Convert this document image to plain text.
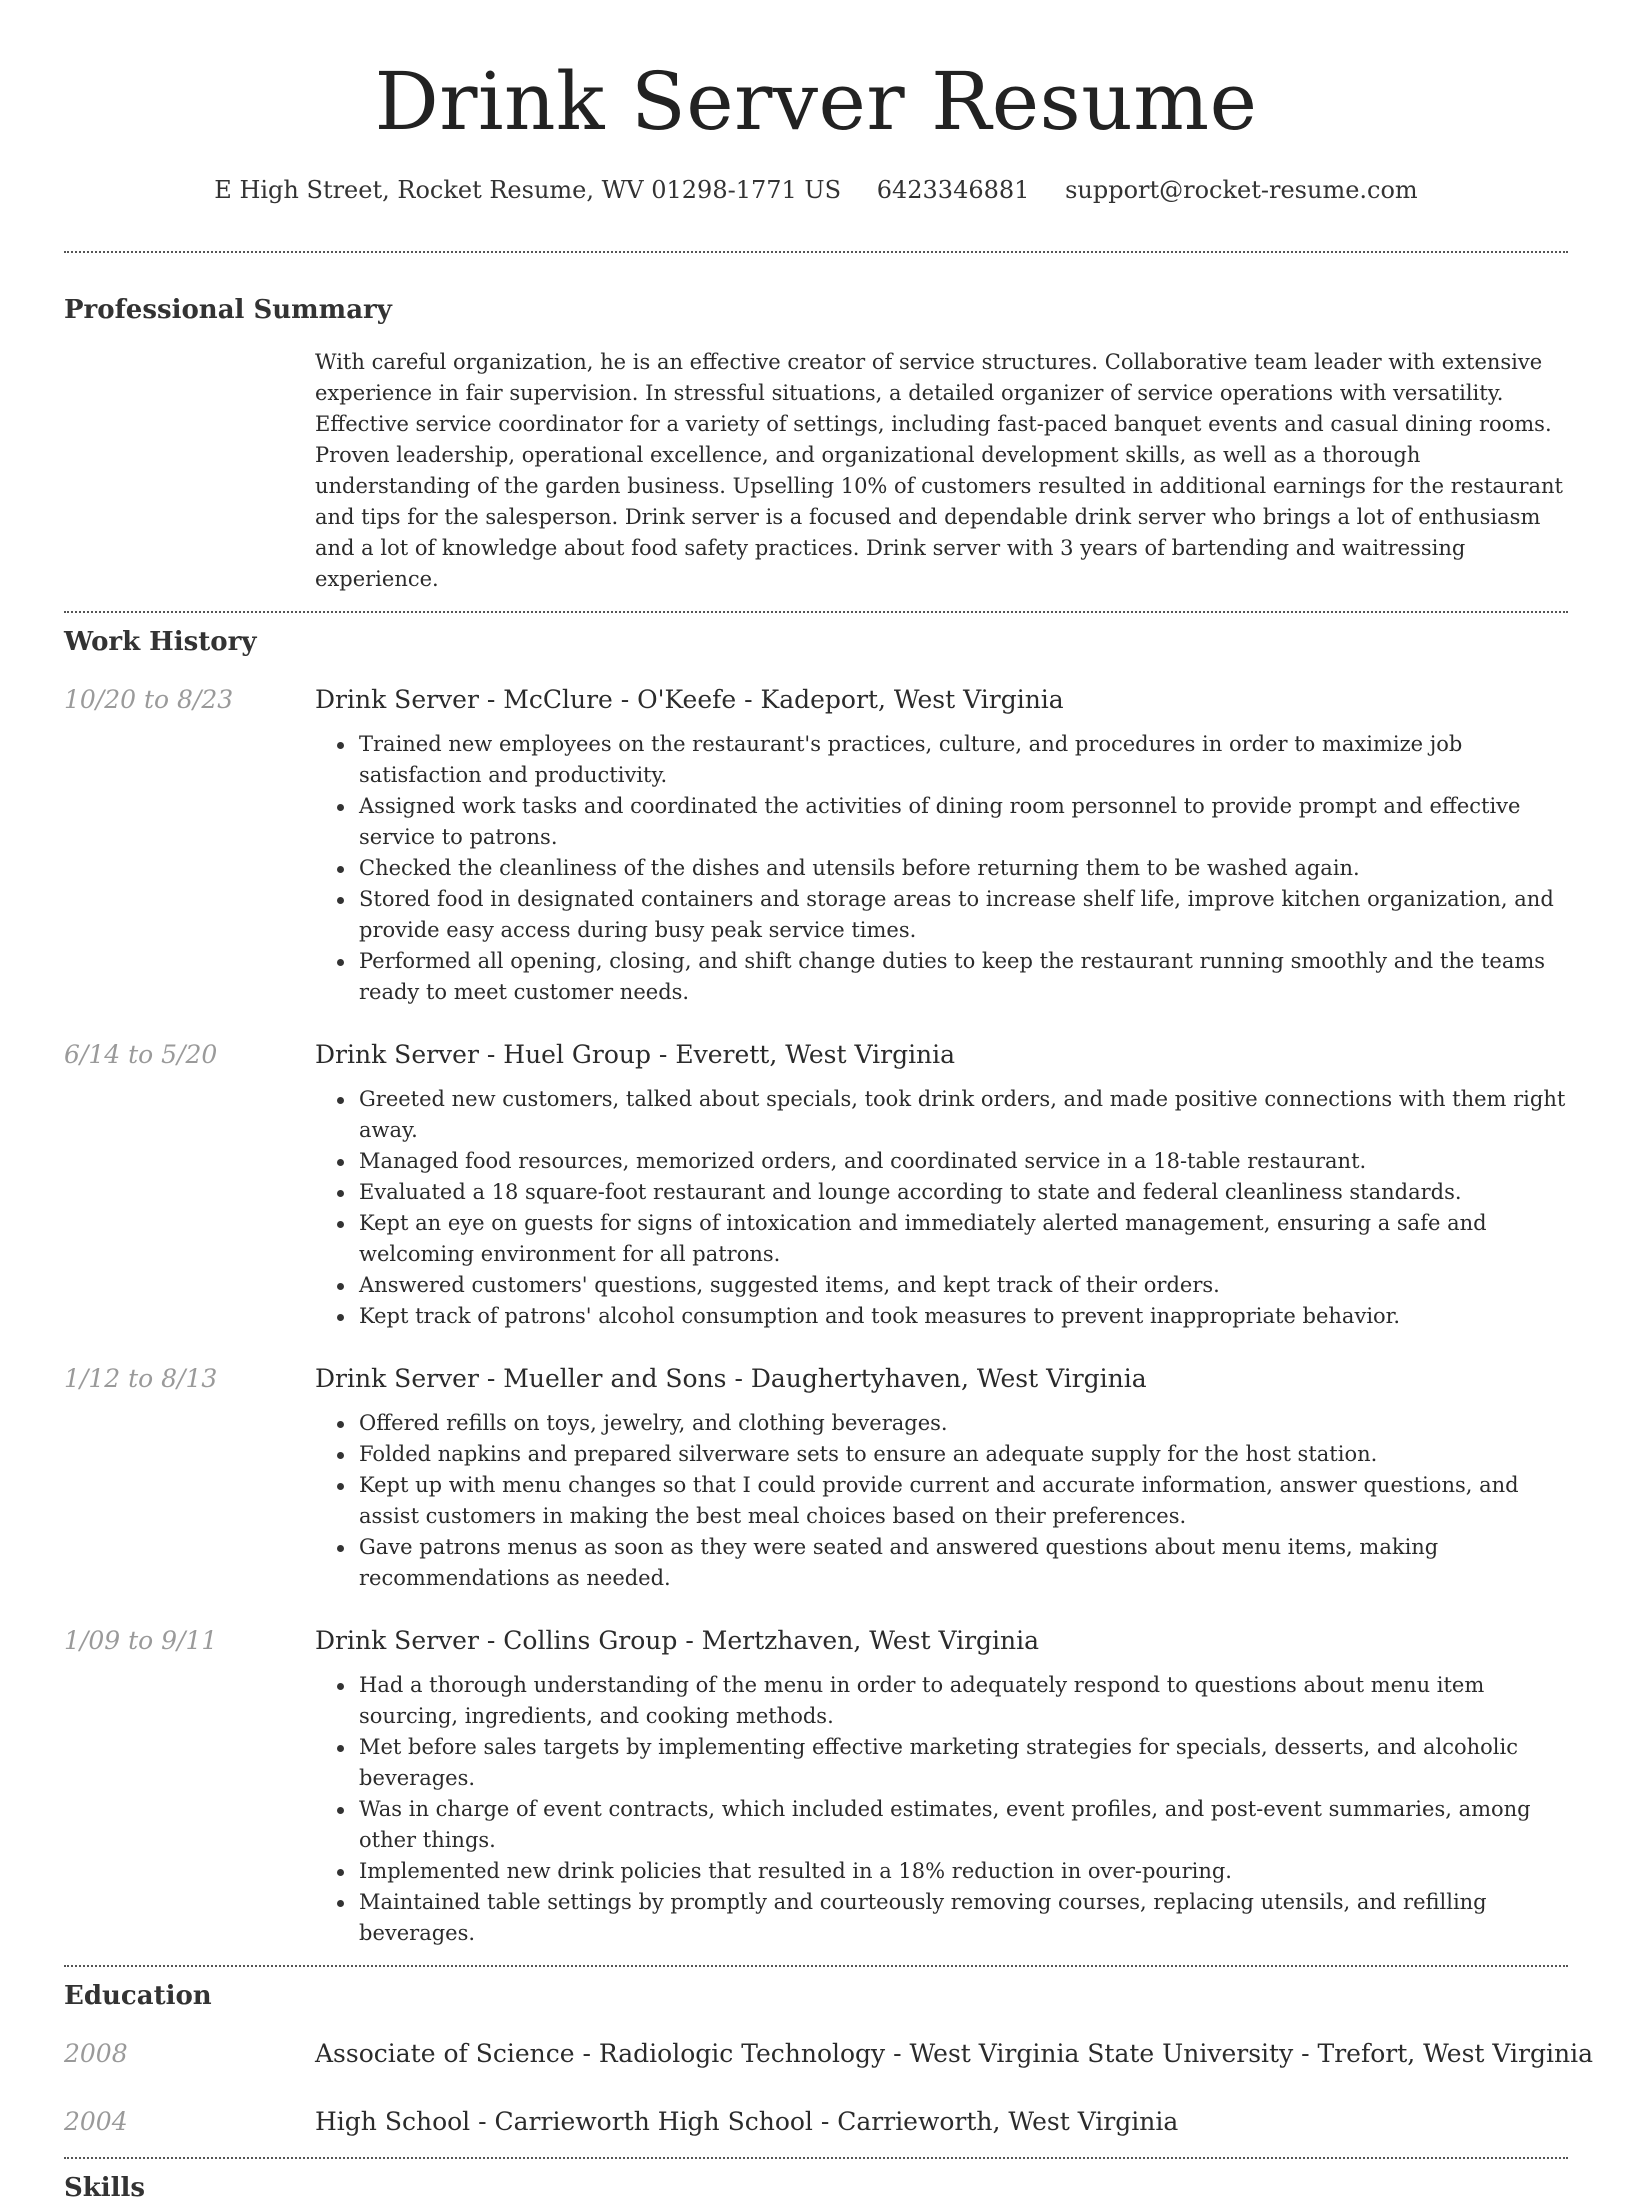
Drink Server Resume
E High Street, Rocket Resume, WV 01298-1771 US 6423346881 support@rocket-resume.com
Professional Summary

With careful organization, he is an effective creator of service structures. Collaborative team leader with extensive experience in fair supervision. In stressful situations, a detailed organizer of service operations with versatility. Effective service coordinator for a variety of settings, including fast-paced banquet events and casual dining rooms. Proven leadership, operational excellence, and organizational development skills, as well as a thorough understanding of the garden business. Upselling 10% of customers resulted in additional earnings for the restaurant and tips for the salesperson. Drink server is a focused and dependable drink server who brings a lot of enthusiasm and a lot of knowledge about food safety practices. Drink server with 3 years of bartending and waitressing experience.

Work History
10/20 to 8/23	Drink Server - McClure - O'Keefe - Kadeport, West Virginia
Trained new employees on the restaurant's practices, culture, and procedures in order to maximize job satisfaction and productivity.
Assigned work tasks and coordinated the activities of dining room personnel to provide prompt and effective service to patrons.
Checked the cleanliness of the dishes and utensils before returning them to be washed again.
Stored food in designated containers and storage areas to increase shelf life, improve kitchen organization, and provide easy access during busy peak service times.
Performed all opening, closing, and shift change duties to keep the restaurant running smoothly and the teams ready to meet customer needs.
6/14 to 5/20	Drink Server - Huel Group - Everett, West Virginia
Greeted new customers, talked about specials, took drink orders, and made positive connections with them right away.
Managed food resources, memorized orders, and coordinated service in a 18-table restaurant.
Evaluated a 18 square-foot restaurant and lounge according to state and federal cleanliness standards.
Kept an eye on guests for signs of intoxication and immediately alerted management, ensuring a safe and welcoming environment for all patrons.
Answered customers' questions, suggested items, and kept track of their orders.
Kept track of patrons' alcohol consumption and took measures to prevent inappropriate behavior.
1/12 to 8/13	Drink Server - Mueller and Sons - Daughertyhaven, West Virginia
Offered refills on toys, jewelry, and clothing beverages.
Folded napkins and prepared silverware sets to ensure an adequate supply for the host station.
Kept up with menu changes so that I could provide current and accurate information, answer questions, and assist customers in making the best meal choices based on their preferences.
Gave patrons menus as soon as they were seated and answered questions about menu items, making recommendations as needed.
1/09 to 9/11	Drink Server - Collins Group - Mertzhaven, West Virginia
Had a thorough understanding of the menu in order to adequately respond to questions about menu item sourcing, ingredients, and cooking methods.
Met before sales targets by implementing effective marketing strategies for specials, desserts, and alcoholic beverages.
Was in charge of event contracts, which included estimates, event profiles, and post-event summaries, among other things.
Implemented new drink policies that resulted in a 18% reduction in over-pouring.
Maintained table settings by promptly and courteously removing courses, replacing utensils, and refilling beverages.
Education
2008	Associate of Science - Radiologic Technology - West Virginia State University - Trefort, West Virginia
2004	High School - Carrieworth High School - Carrieworth, West Virginia
Skills
